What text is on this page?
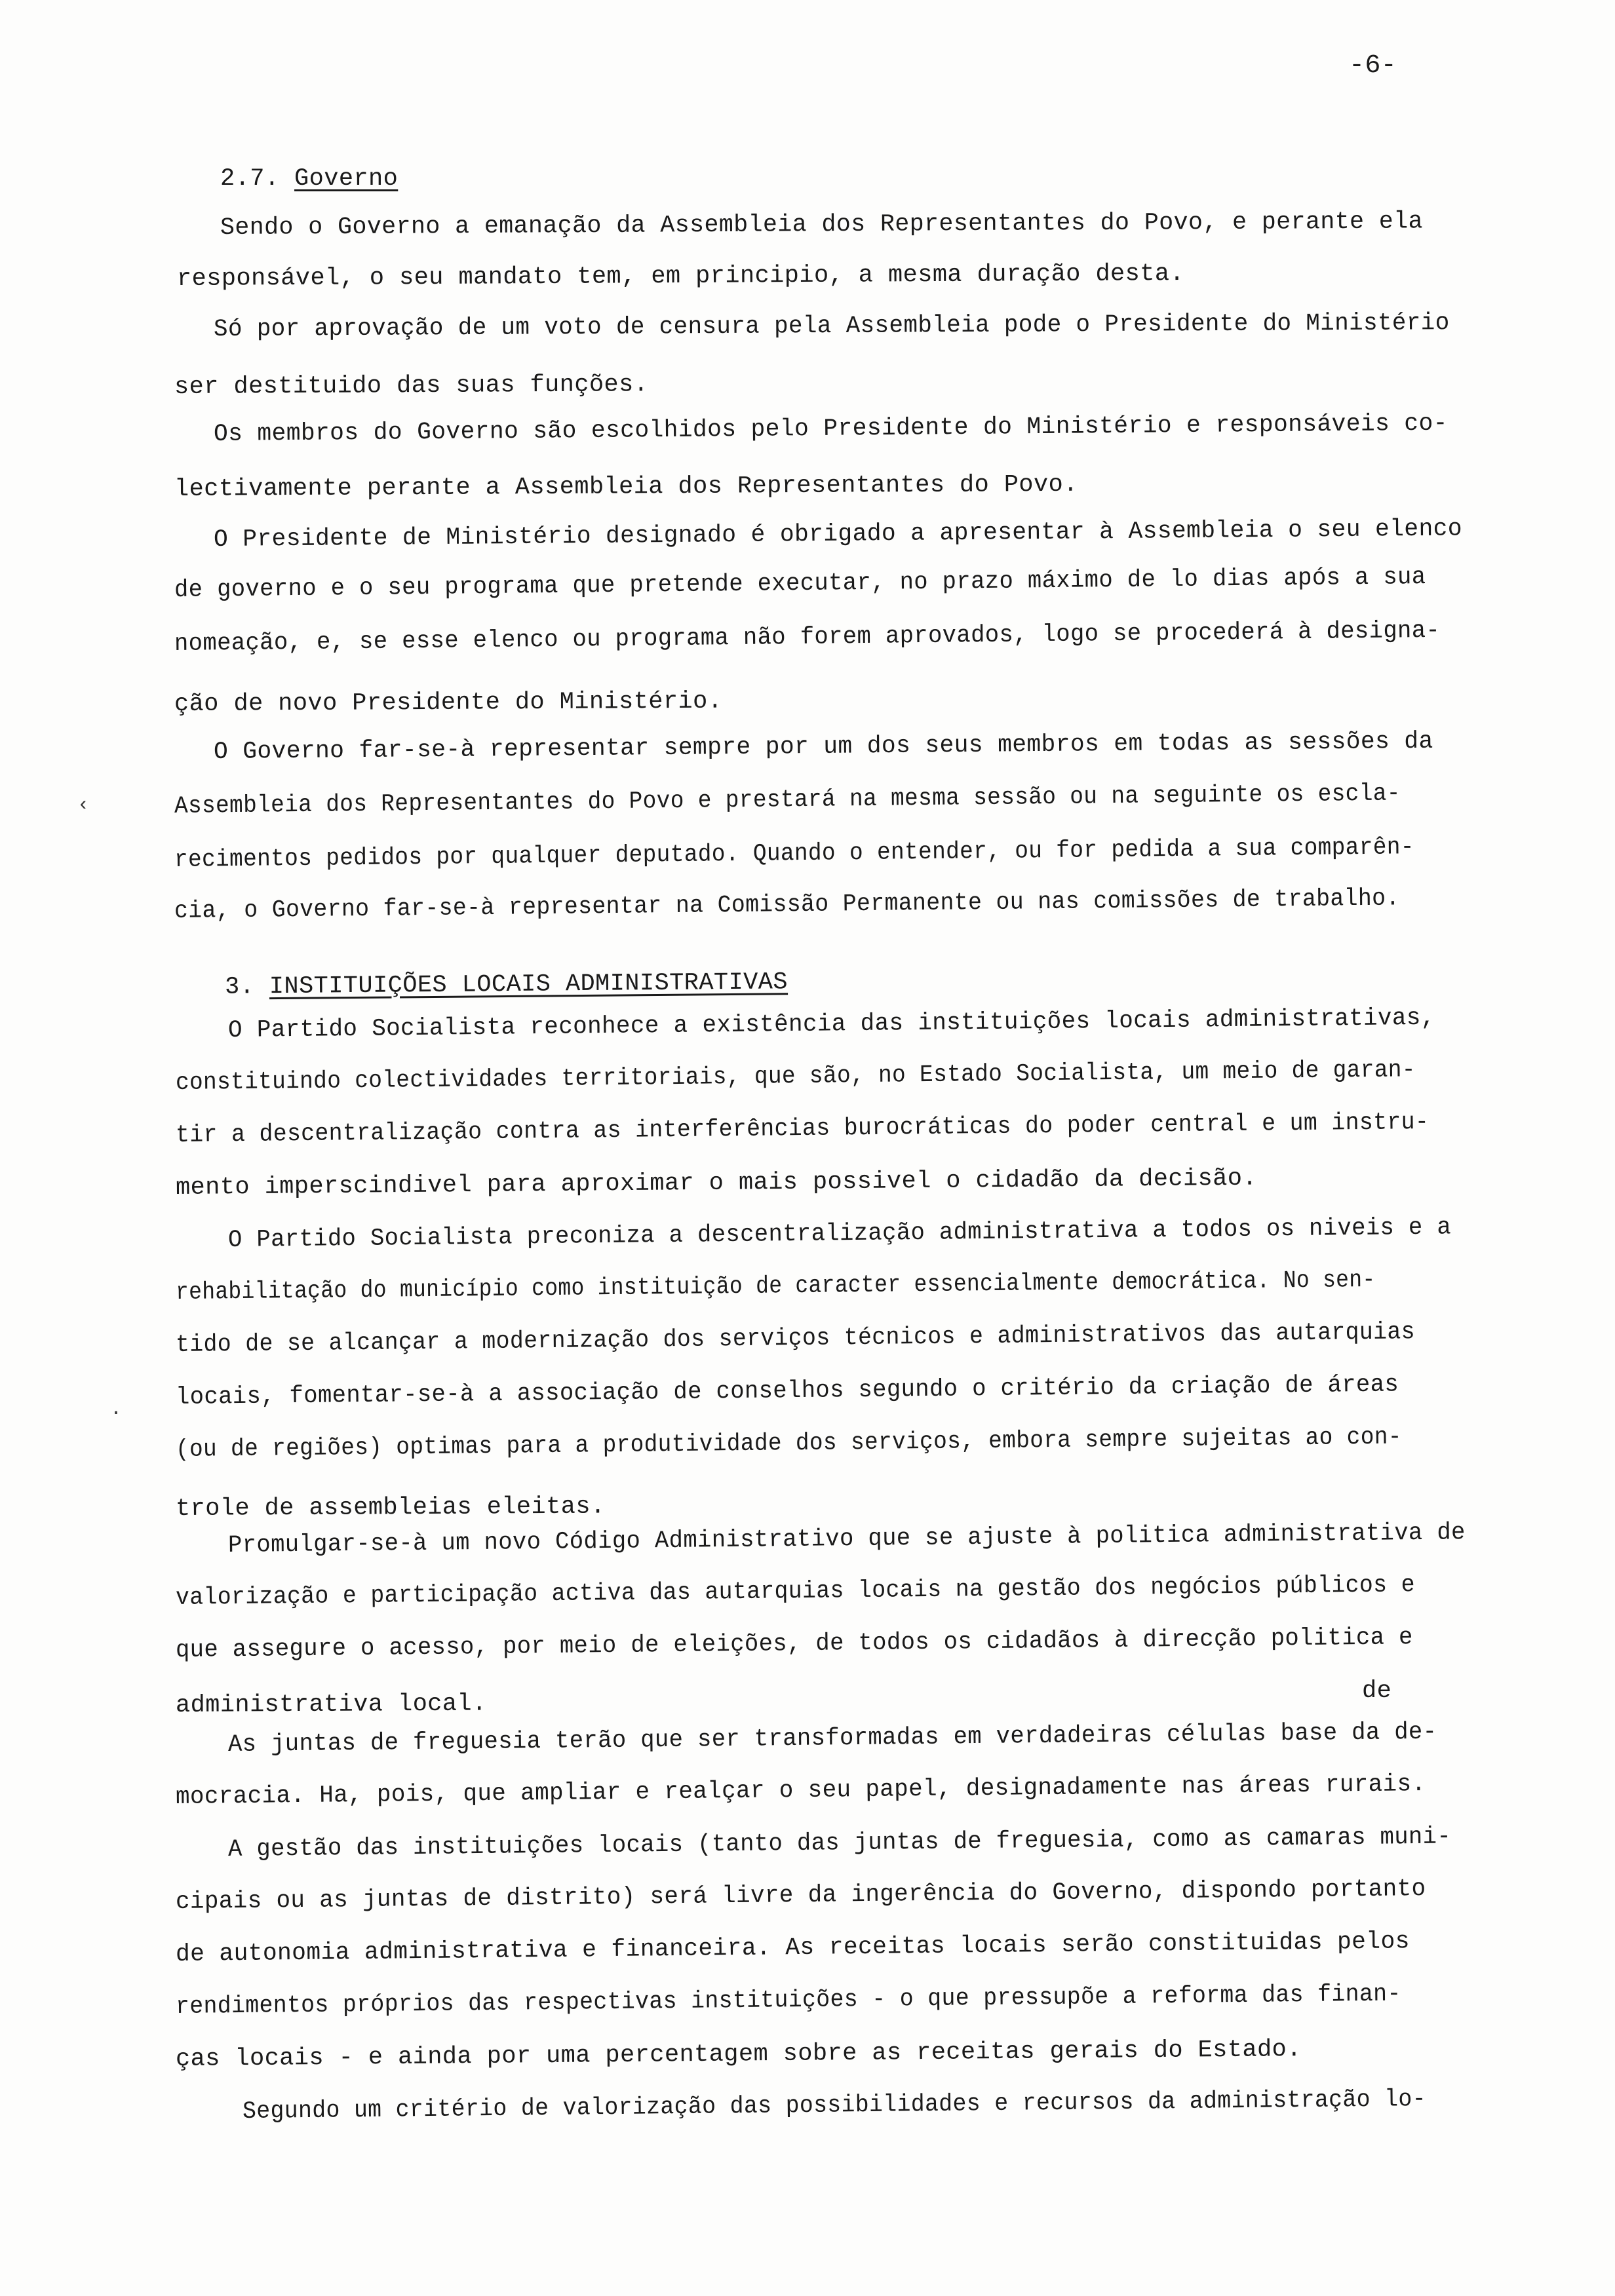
-6-
2.7. Governo
Sendo o Governo a emanação da Assembleia dos Representantes do Povo, e perante ela
responsável, o seu mandato tem, em principio, a mesma duração desta.
Só por aprovação de um voto de censura pela Assembleia pode o Presidente do Ministério
ser destituido das suas funções.
Os membros do Governo são escolhidos pelo Presidente do Ministério e responsáveis co-
lectivamente perante a Assembleia dos Representantes do Povo.
O Presidente de Ministério designado é obrigado a apresentar à Assembleia o seu elenco
de governo e o seu programa que pretende executar, no prazo máximo de lo dias após a sua
nomeação, e, se esse elenco ou programa não forem aprovados, logo se procederá à designa-
ção de novo Presidente do Ministério.
O Governo far-se-à representar sempre por um dos seus membros em todas as sessões da
Assembleia dos Representantes do Povo e prestará na mesma sessão ou na seguinte os escla-
recimentos pedidos por qualquer deputado. Quando o entender, ou for pedida a sua comparên-
cia, o Governo far-se-à representar na Comissão Permanente ou nas comissões de trabalho.
3. INSTITUIÇÕES LOCAIS ADMINISTRATIVAS
O Partido Socialista reconhece a existência das instituições locais administrativas,
constituindo colectividades territoriais, que são, no Estado Socialista, um meio de garan-
tir a descentralização contra as interferências burocráticas do poder central e um instru-
mento imperscindivel para aproximar o mais possivel o cidadão da decisão.
O Partido Socialista preconiza a descentralização administrativa a todos os niveis e a
rehabilitação do município como instituição de caracter essencialmente democrática. No sen-
tido de se alcançar a modernização dos serviços técnicos e administrativos das autarquias
locais, fomentar-se-à a associação de conselhos segundo o critério da criação de áreas
(ou de regiões) optimas para a produtividade dos serviços, embora sempre sujeitas ao con-
trole de assembleias eleitas.
Promulgar-se-à um novo Código Administrativo que se ajuste à politica administrativa de
valorização e participação activa das autarquias locais na gestão dos negócios públicos e
que assegure o acesso, por meio de eleições, de todos os cidadãos à direcção politica e
administrativa local.	de
As juntas de freguesia terão que ser transformadas em verdadeiras células base da de-
mocracia. Ha, pois, que ampliar e realçar o seu papel, designadamente nas áreas rurais.
A gestão das instituições locais (tanto das juntas de freguesia, como as camaras muni-
cipais ou as juntas de distrito) será livre da ingerência do Governo, dispondo portanto
de autonomia administrativa e financeira. As receitas locais serão constituidas pelos
rendimentos próprios das respectivas instituições - o que pressupõe a reforma das finan-
ças locais - e ainda por uma percentagem sobre as receitas gerais do Estado.
Segundo um critério de valorização das possibilidades e recursos da administração lo-
‹
·
